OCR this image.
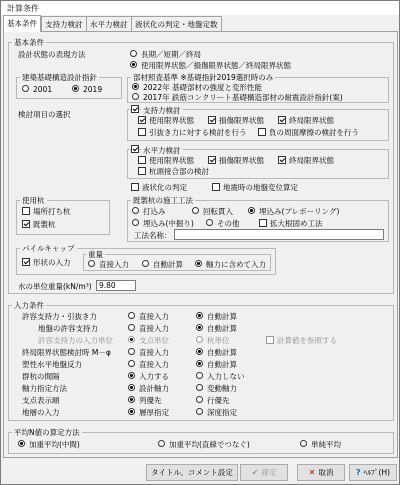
計算条件
基本条件	支持力検討	水平力検討	液状化の判定・地盤定数
基本条件
設計状態の表現方法	長期／短期／終局
使用限界状態／損傷限界状態／終局限界状態
建築基礎構造設計指針
2001	2019
部材照査基準 ※基礎指針2019選択時のみ
2022年 基礎部材の強度と変形性能
2017年 鉄筋コンクリート基礎構造部材の耐震設計指針(案)
検討項目の選択	支持力検討
使用限界状態	損傷限界状態	終局限界状態
引抜き力に対する検討を行う	負の周面摩擦の検討を行う
水平力検討
使用限界状態	損傷限界状態	終局限界状態
杭頭接合部の検討
液状化の判定	地震時の地盤変位算定
使用杭
場所打ち杭
既製杭
既製杭の施工工法
打込み	回転貫入	埋込み(プレボーリング)
埋込み(中掘り)	その他	拡大根固め工法
工法名称：
パイルキャップ
形状の入力
重量
直接入力	自動計算	軸力に含めて入力
水の単位重量(kN/m³) 9.80
入力条件
許容支持力・引抜き力	直接入力	自動計算
地盤の許容支持力	直接入力	自動計算
許容支持力の入力単位	支点単位	杭単位	計算値を参照する
終局限界状態検討時 M－φ	直接入力	自動計算
塑性水平地盤反力	直接入力	自動計算
群杭の間隔	入力する	入力しない
軸力指定方法	設計軸力	変動軸力
支点表示順	列優先	行優先
地層の入力	層厚指定	深度指定
平均N値の算定方法
加重平均(中間)	加重平均(直線でつなぐ)	単純平均
タイトル、コメント設定 ✔ 確定	✕ 取消	? ﾍﾙﾌﾟ(H)
